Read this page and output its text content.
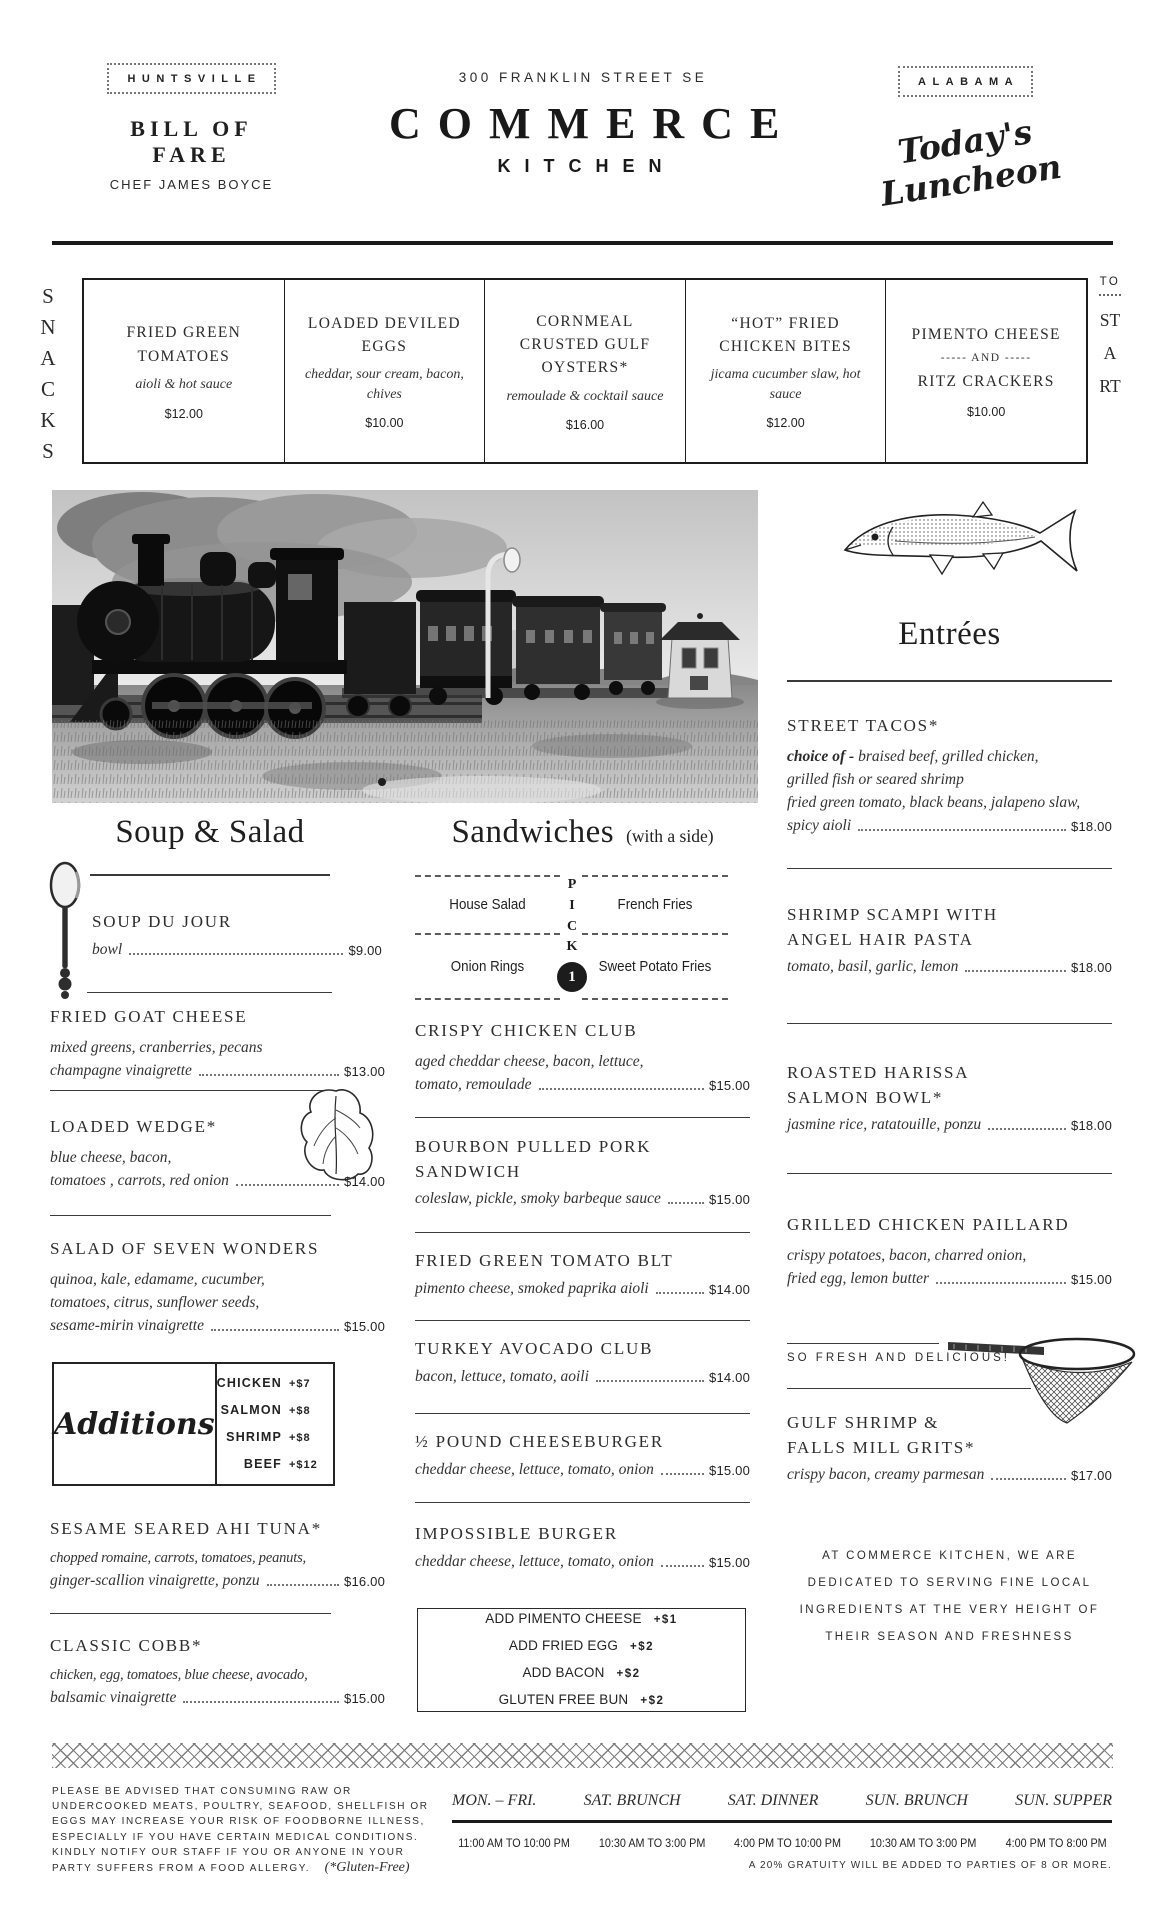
HUNTSVILLE
BILL OF FARE
CHEF JAMES BOYCE
300 FRANKLIN STREET SE
COMMERCE
KITCHEN
ALABAMA
Today's Luncheon
SNACKS
FRIED GREEN TOMATOES
aioli & hot sauce
$12.00
LOADED DEVILED EGGS
cheddar, sour cream, bacon, chives
$10.00
CORNMEAL CRUSTED GULF OYSTERS*
remoulade & cocktail sauce
$16.00
“HOT” FRIED CHICKEN BITES
jicama cucumber slaw, hot sauce
$12.00
PIMENTO CHEESE
----- AND -----
RITZ CRACKERS
$10.00
TO
START
Entrées
STREET TACOS*
choice of - braised beef, grilled chicken,
grilled fish or seared shrimp
fried green tomato, black beans, jalapeno slaw,
spicy aioli	$18.00
SHRIMP SCAMPI WITH
ANGEL HAIR PASTA
tomato, basil, garlic, lemon	$18.00
ROASTED HARISSA
SALMON BOWL*
jasmine rice, ratatouille, ponzu	$18.00
GRILLED CHICKEN PAILLARD
crispy potatoes, bacon, charred onion,
fried egg, lemon butter	$15.00
SO FRESH AND DELICIOUS!
GULF SHRIMP &
FALLS MILL GRITS*
crispy bacon, creamy parmesan	$17.00
AT COMMERCE KITCHEN, WE ARE
DEDICATED TO SERVING FINE LOCAL
INGREDIENTS AT THE VERY HEIGHT OF
THEIR SEASON AND FRESHNESS
Soup & Salad
SOUP DU JOUR
bowl	$9.00
FRIED GOAT CHEESE
mixed greens, cranberries, pecans
champagne vinaigrette	$13.00
LOADED WEDGE*
blue cheese, bacon,
tomatoes , carrots, red onion	$14.00
SALAD OF SEVEN WONDERS
quinoa, kale, edamame, cucumber,
tomatoes, citrus, sunflower seeds,
sesame-mirin vinaigrette	$15.00
Additions
CHICKEN +$7
SALMON +$8
SHRIMP +$8
BEEF +$12
SESAME SEARED AHI TUNA*
chopped romaine, carrots, tomatoes, peanuts,
ginger-scallion vinaigrette, ponzu	$16.00
CLASSIC COBB*
chicken, egg, tomatoes, blue cheese, avocado,
balsamic vinaigrette	$15.00
Sandwiches (with a side)
House Salad	French Fries
Onion Rings	Sweet Potato Fries
P
I
C
K
1
CRISPY CHICKEN CLUB
aged cheddar cheese, bacon, lettuce,
tomato, remoulade	$15.00
BOURBON PULLED PORK
SANDWICH
coleslaw, pickle, smoky barbeque sauce	$15.00
FRIED GREEN TOMATO BLT
pimento cheese, smoked paprika aioli	$14.00
TURKEY AVOCADO CLUB
bacon, lettuce, tomato, aoili	$14.00
½ POUND CHEESEBURGER
cheddar cheese, lettuce, tomato, onion	$15.00
IMPOSSIBLE BURGER
cheddar cheese, lettuce, tomato, onion	$15.00
ADD PIMENTO CHEESE +$1
ADD FRIED EGG +$2
ADD BACON +$2
GLUTEN FREE BUN +$2

PLEASE BE ADVISED THAT CONSUMING RAW OR UNDERCOOKED MEATS, POULTRY, SEAFOOD, SHELLFISH OR EGGS MAY INCREASE YOUR RISK OF FOODBORNE ILLNESS, ESPECIALLY IF YOU HAVE CERTAIN MEDICAL CONDITIONS.

KINDLY NOTIFY OUR STAFF IF YOU OR ANYONE IN YOUR PARTY SUFFERS FROM A FOOD ALLERGY. (*Gluten-Free)

MON. – FRI.	SAT. BRUNCH	SAT. DINNER	SUN. BRUNCH	SUN. SUPPER
11:00 AM TO 10:00 PM 10:30 AM TO 3:00 PM 4:00 PM TO 10:00 PM 10:30 AM TO 3:00 PM 4:00 PM TO 8:00 PM
A 20% GRATUITY WILL BE ADDED TO PARTIES OF 8 OR MORE.
